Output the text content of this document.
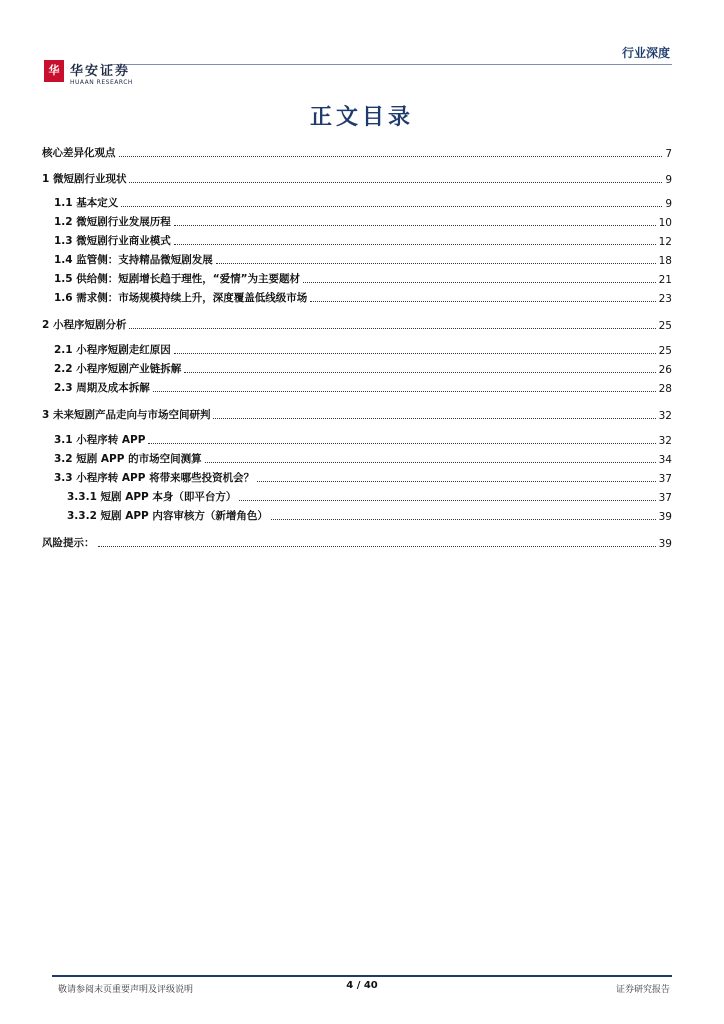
行业深度
华 华安证券
HUAAN RESEARCH
正文目录
核心差异化观点	7
1 微短剧行业现状	9
1.1 基本定义	9
1.2 微短剧行业发展历程	10
1.3 微短剧行业商业模式	12
1.4 监管侧：支持精品微短剧发展	18
1.5 供给侧：短剧增长趋于理性，“爱情”为主要题材	21
1.6 需求侧：市场规模持续上升，深度覆盖低线级市场	23
2 小程序短剧分析	25
2.1 小程序短剧走红原因	25
2.2 小程序短剧产业链拆解	26
2.3 周期及成本拆解	28
3 未来短剧产品走向与市场空间研判	32
3.1 小程序转 APP	32
3.2 短剧 APP 的市场空间测算	34
3.3 小程序转 APP 将带来哪些投资机会？	37
3.3.1 短剧 APP 本身（即平台方）	37
3.3.2 短剧 APP 内容审核方（新增角色）	39
风险提示：	39
敬请参阅末页重要声明及评级说明	4 / 40	证券研究报告
